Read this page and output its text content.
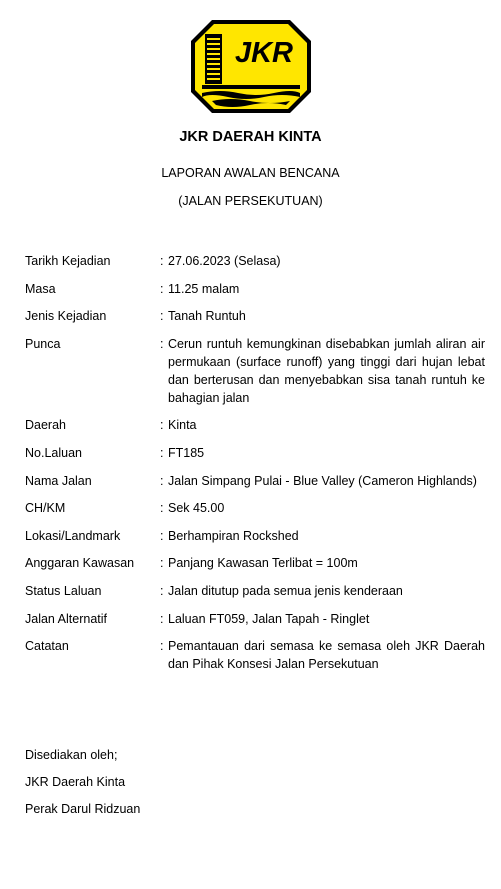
JKR
JKR DAERAH KINTA
LAPORAN AWALAN BENCANA
(JALAN PERSEKUTUAN)
Tarikh Kejadian	: 27.06.2023 (Selasa)
Masa	: 11.25 malam
Jenis Kejadian	: Tanah Runtuh
Punca	: Cerun runtuh kemungkinan disebabkan jumlah aliran air permukaan (surface runoff) yang tinggi dari hujan lebat dan berterusan dan menyebabkan sisa tanah runtuh ke bahagian jalan
Daerah	: Kinta
No.Laluan	: FT185
Nama Jalan	: Jalan Simpang Pulai - Blue Valley (Cameron Highlands)
CH/KM	: Sek 45.00
Lokasi/Landmark	: Berhampiran Rockshed
Anggaran Kawasan	: Panjang Kawasan Terlibat = 100m
Status Laluan	: Jalan ditutup pada semua jenis kenderaan
Jalan Alternatif	: Laluan FT059, Jalan Tapah - Ringlet
Catatan	: Pemantauan dari semasa ke semasa oleh JKR Daerah dan Pihak Konsesi Jalan Persekutuan
Disediakan oleh;
JKR Daerah Kinta
Perak Darul Ridzuan
